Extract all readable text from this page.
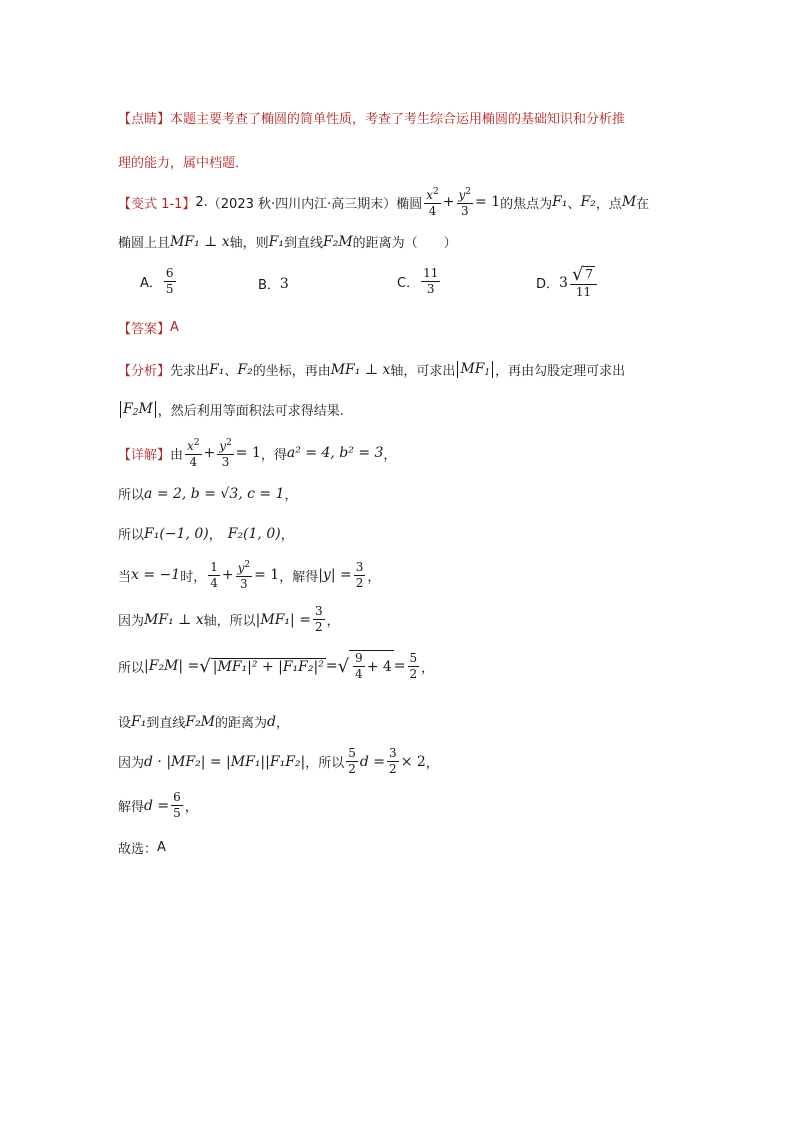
【点睛】 本题主要考查了椭圆的简单性质，考查了考生综合运用椭圆的基础知识和分析推
理的能力，属中档题．
【变式 1-1】 2. （2023 秋·四川内江·高三期末）椭圆 $\frac{x^2}{4} + \frac{y^2}{3} = 1$ 的焦点为 F₁ 、 F₂ ，点 M 在
椭圆上且 MF₁ ⊥ x 轴，则 F₁ 到直线 F₂M 的距离为（　　）
A． $\frac{6}{5}$	B． 3	C． $\frac{11}{3}$	D． $3 \frac{√ 7}{11}$
【答案】 A
【分析】 先求出 F₁ 、 F₂ 的坐标，再由 MF₁ ⊥ x 轴，可求出 $MF_1$ ，再由勾股定理可求出
$F_2M$ ，然后利用等面积法可求得结果.
【详解】 由 $\frac{x^2}{4} + \frac{y^2}{3} = 1$ ，得 a² = 4, b² = 3 ，
所以 a = 2, b = √3, c = 1 ，
所以 F₁(−1, 0) ， F₂(1, 0) ，
当 x = −1 时， $\frac{1}{4} + \frac{y^2}{3} = 1$ ，解得 $|y| = \frac{3}{2}$ ，
因为 MF₁ ⊥ x 轴，所以 $|MF_1| = \frac{3}{2}$ ，
所以 |F₂M| = √ |MF₁|² + |F₁F₂|² = √ $\frac{9}{4} + 4 = \frac{5}{2}$ ，
设 F₁ 到直线 F₂M 的距离为 d ，
因为 d · |MF₂| = |MF₁||F₁F₂| ，所以 $\frac{5}{2}$ $d = \frac{3}{2} \times 2$ ，
解得 $d = \frac{6}{5}$ ，
故选： A
